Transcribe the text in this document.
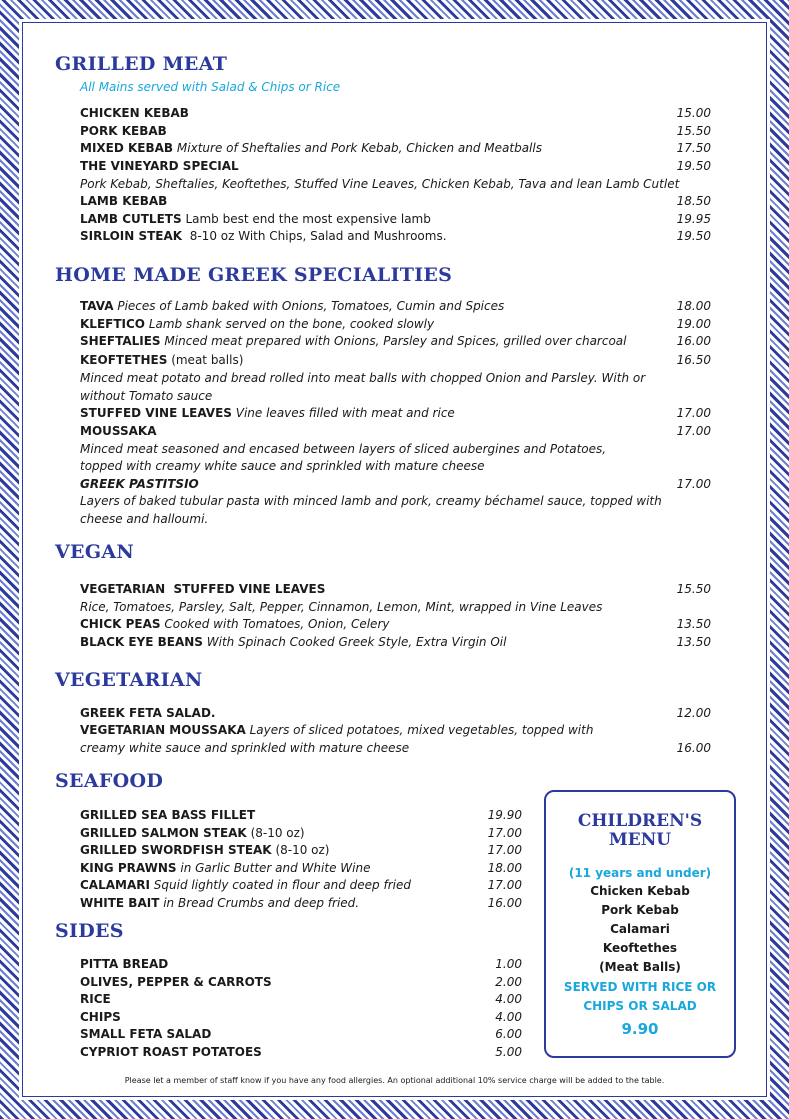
GRILLED MEAT
All Mains served with Salad & Chips or Rice
CHICKEN KEBAB	15.00
PORK KEBAB	15.50
MIXED KEBAB Mixture of Sheftalies and Pork Kebab, Chicken and Meatballs	17.50
THE VINEYARD SPECIAL	19.50
Pork Kebab, Sheftalies, Keoftethes, Stuffed Vine Leaves, Chicken Kebab, Tava and lean Lamb Cutlet
LAMB KEBAB	18.50
LAMB CUTLETS Lamb best end the most expensive lamb	19.95
SIRLOIN STEAK 8-10 oz With Chips, Salad and Mushrooms.	19.50
HOME MADE GREEK SPECIALITIES
TAVA Pieces of Lamb baked with Onions, Tomatoes, Cumin and Spices	18.00
KLEFTICO Lamb shank served on the bone, cooked slowly	19.00
SHEFTALIES Minced meat prepared with Onions, Parsley and Spices, grilled over charcoal	16.00
KEOFTETHES (meat balls)	16.50
Minced meat potato and bread rolled into meat balls with chopped Onion and Parsley. With or
without Tomato sauce
STUFFED VINE LEAVES Vine leaves filled with meat and rice	17.00
MOUSSAKA	17.00
Minced meat seasoned and encased between layers of sliced aubergines and Potatoes,
topped with creamy white sauce and sprinkled with mature cheese
GREEK PASTITSIO	17.00
Layers of baked tubular pasta with minced lamb and pork, creamy béchamel sauce, topped with
cheese and halloumi.
VEGAN
VEGETARIAN  STUFFED VINE LEAVES	15.50
Rice, Tomatoes, Parsley, Salt, Pepper, Cinnamon, Lemon, Mint, wrapped in Vine Leaves
CHICK PEAS Cooked with Tomatoes, Onion, Celery	13.50
BLACK EYE BEANS With Spinach Cooked Greek Style, Extra Virgin Oil	13.50
VEGETARIAN
GREEK FETA SALAD.	12.00
VEGETARIAN MOUSSAKA Layers of sliced potatoes, mixed vegetables, topped with
creamy white sauce and sprinkled with mature cheese	16.00
SEAFOOD
GRILLED SEA BASS FILLET	19.90
GRILLED SALMON STEAK (8-10 oz)	17.00
GRILLED SWORDFISH STEAK (8-10 oz)	17.00
KING PRAWNS in Garlic Butter and White Wine	18.00
CALAMARI Squid lightly coated in flour and deep fried	17.00
WHITE BAIT in Bread Crumbs and deep fried.	16.00
SIDES
PITTA BREAD	1.00
OLIVES, PEPPER & CARROTS	2.00
RICE	4.00
CHIPS	4.00
SMALL FETA SALAD	6.00
CYPRIOT ROAST POTATOES	5.00
CHILDREN'S
MENU
(11 years and under)
Chicken Kebab
Pork Kebab
Calamari
Keoftethes
(Meat Balls)
SERVED WITH RICE OR
CHIPS OR SALAD
9.90
Please let a member of staff know if you have any food allergies. An optional additional 10% service charge will be added to the table.
